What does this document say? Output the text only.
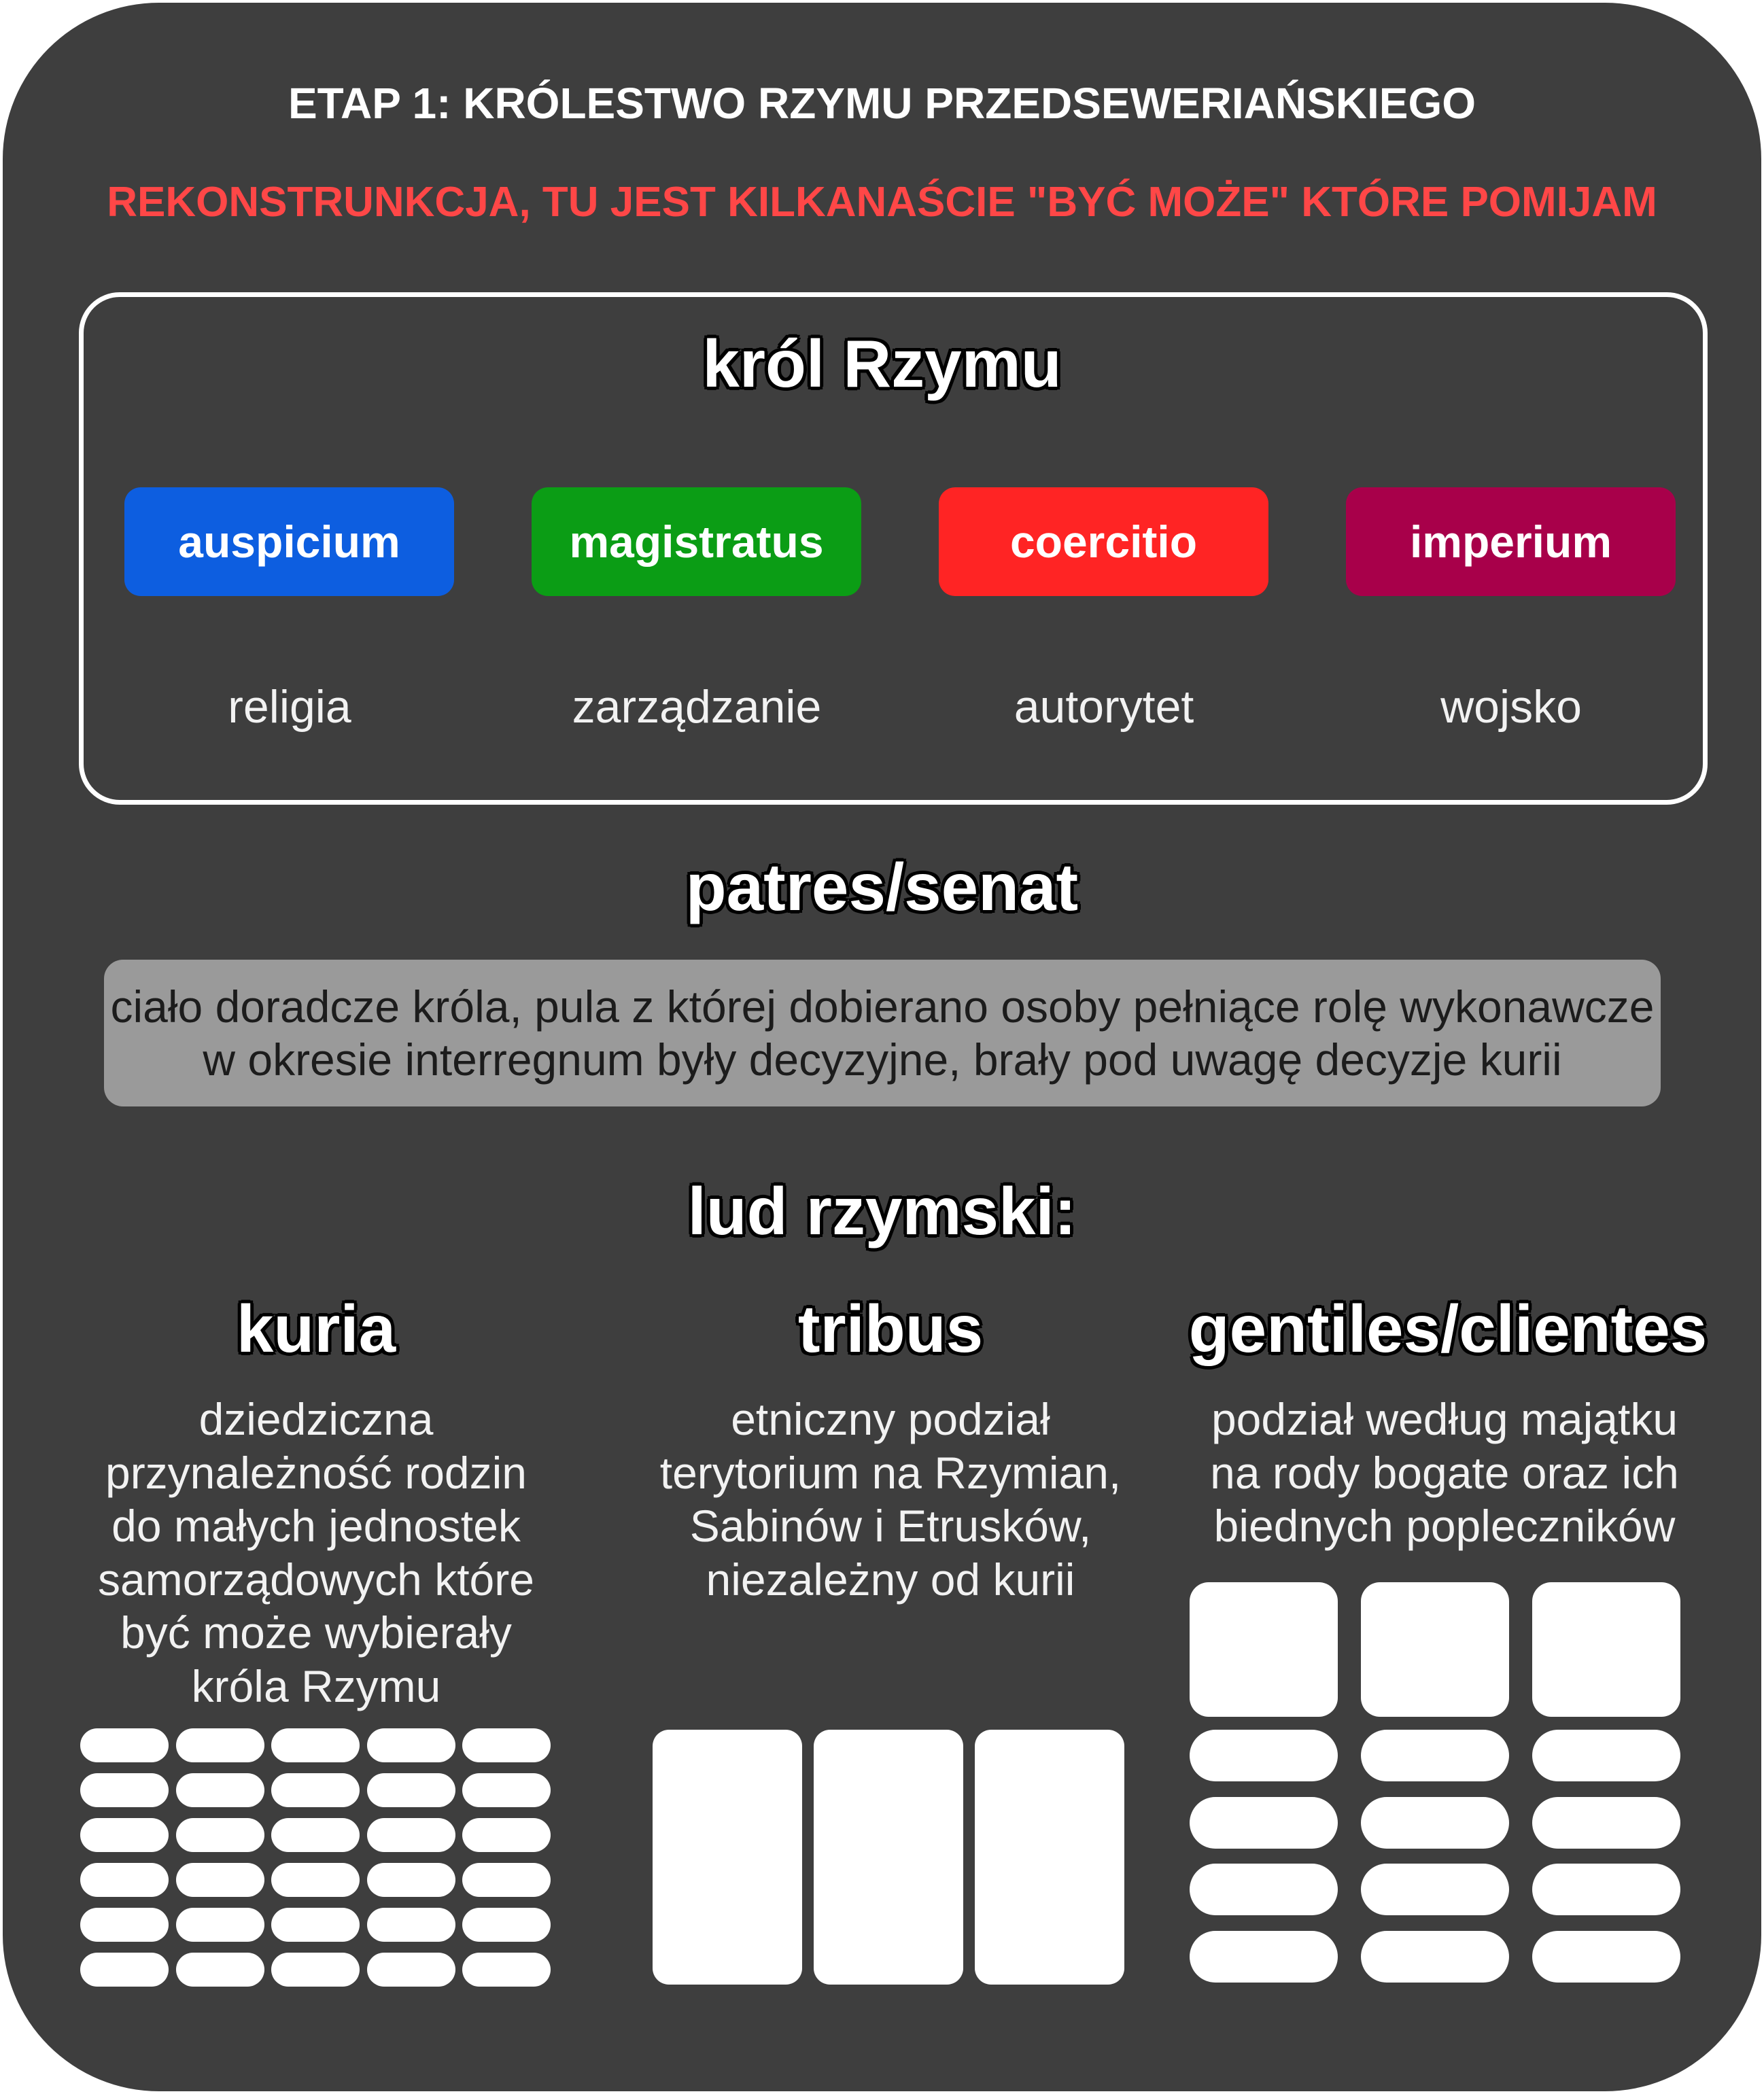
ETAP 1: KRÓLESTWO RZYMU PRZEDSEWERIAŃSKIEGO
REKONSTRUNKCJA, TU JEST KILKANAŚCIE "BYĆ MOŻE" KTÓRE POMIJAM
król Rzymu
auspicium	magistratus	coercitio	imperium
religia	zarządzanie	autorytet	wojsko
patres/senat
ciało doradcze króla, pula z której dobierano osoby pełniące rolę wykonawcze
w okresie interregnum były decyzyjne, brały pod uwagę decyzje kurii
lud rzymski:
kuria	tribus	gentiles/clientes
dziedziczna
przynależność rodzin
do małych jednostek
samorządowych które
być może wybierały
króla Rzymu
etniczny podział
terytorium na Rzymian,
Sabinów i Etrusków,
niezależny od kurii
podział według majątku
na rody bogate oraz ich
biednych popleczników
